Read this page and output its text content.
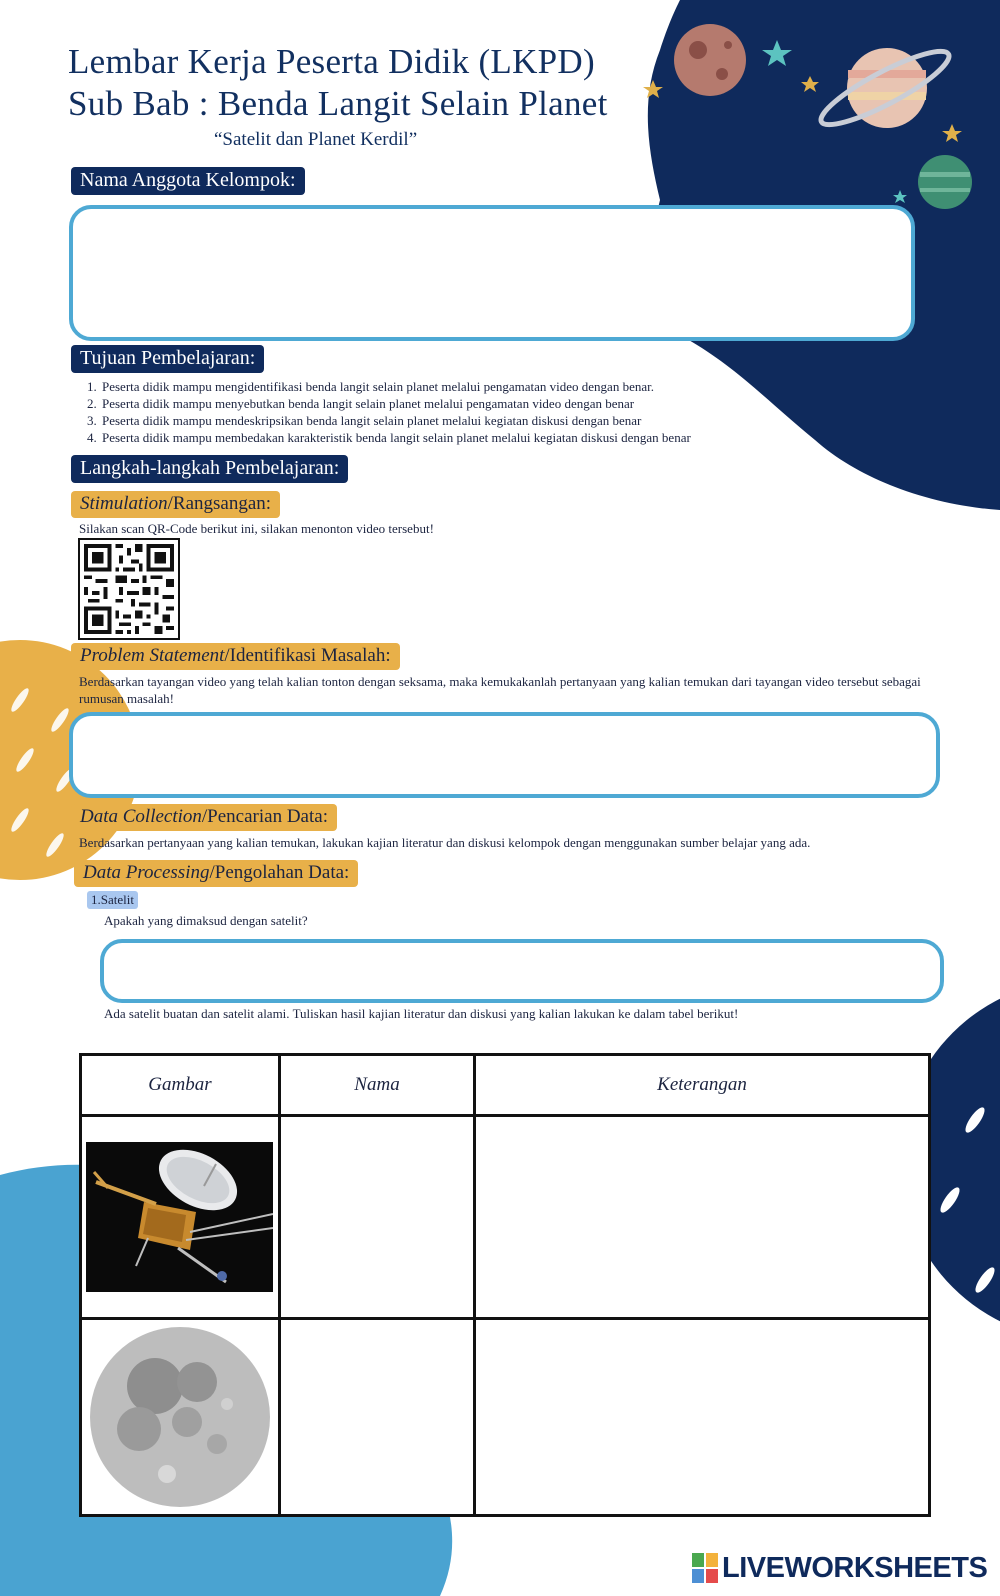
Lembar Kerja Peserta Didik (LKPD)
Sub Bab : Benda Langit Selain Planet
“Satelit dan Planet Kerdil”
Nama Anggota Kelompok:
Tujuan Pembelajaran:
1. Peserta didik mampu mengidentifikasi benda langit selain planet melalui pengamatan video dengan benar.
2. Peserta didik mampu menyebutkan benda langit selain planet melalui pengamatan video dengan benar
3. Peserta didik mampu mendeskripsikan benda langit selain planet melalui kegiatan diskusi dengan benar
4. Peserta didik mampu membedakan karakteristik benda langit selain planet melalui kegiatan diskusi dengan benar
Langkah-langkah Pembelajaran:
Stimulation/Rangsangan:
Silakan scan QR-Code berikut ini, silakan menonton video tersebut!
Problem Statement/Identifikasi Masalah:
Berdasarkan tayangan video yang telah kalian tonton dengan seksama, maka kemukakanlah pertanyaan yang kalian temukan dari tayangan video tersebut sebagai rumusan masalah!
Data Collection/Pencarian Data:
Berdasarkan pertanyaan yang kalian temukan, lakukan kajian literatur dan diskusi kelompok dengan menggunakan sumber belajar yang ada.
Data Processing/Pengolahan Data:
1.Satelit
Apakah yang dimaksud dengan satelit?
Ada satelit buatan dan satelit alami. Tuliskan hasil kajian literatur dan diskusi yang kalian lakukan ke dalam tabel berikut!
Gambar	Nama	Keterangan

LIVEWORKSHEETS
